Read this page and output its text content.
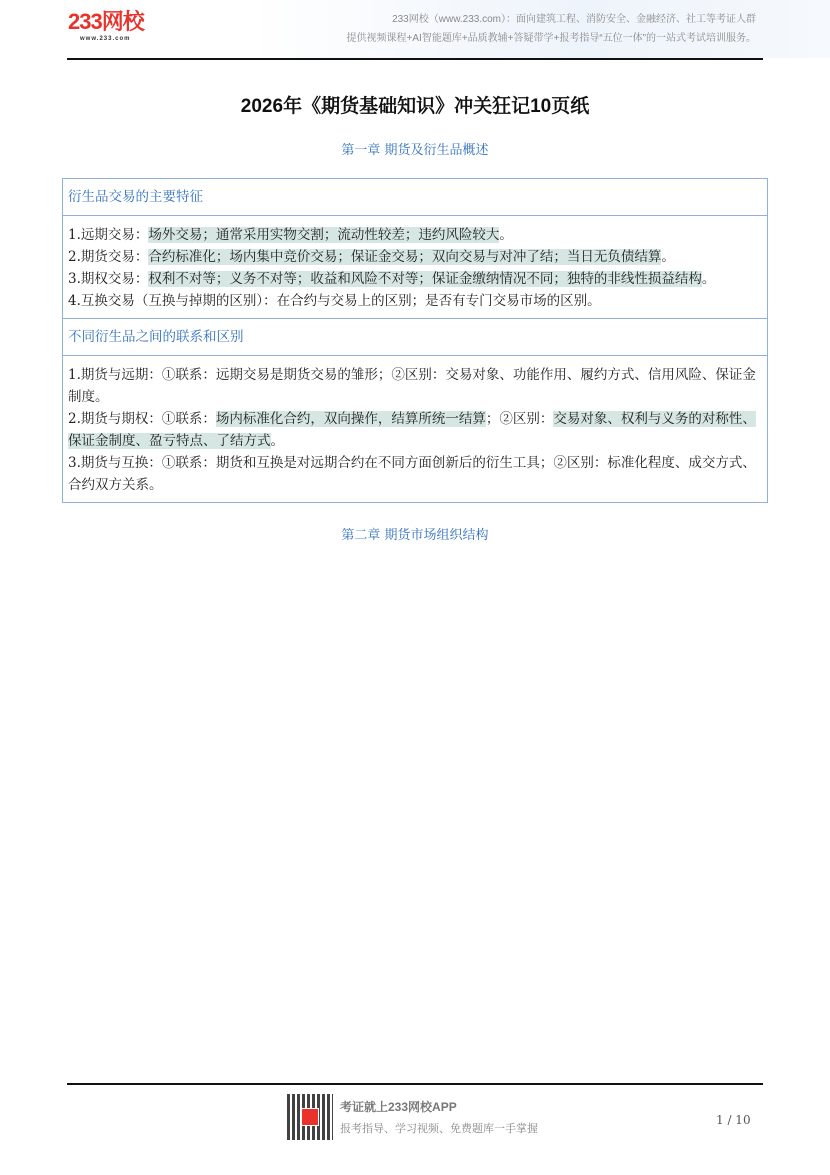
233网校
www.233.com
233网校（www.233.com）：面向建筑工程、消防安全、金融经济、社工等考证人群
提供视频课程+AI智能题库+品质教辅+答疑带学+报考指导“五位一体”的一站式考试培训服务。
2026年《期货基础知识》冲关狂记10页纸
第一章 期货及衍生品概述
衍生品交易的主要特征
1.远期交易：场外交易；通常采用实物交割；流动性较差；违约风险较大。
2.期货交易：合约标准化；场内集中竞价交易；保证金交易；双向交易与对冲了结；当日无负债结算。
3.期权交易：权利不对等；义务不对等；收益和风险不对等；保证金缴纳情况不同；独特的非线性损益结构。
4.互换交易（互换与掉期的区别）：在合约与交易上的区别；是否有专门交易市场的区别。
不同衍生品之间的联系和区别
1.期货与远期：①联系：远期交易是期货交易的雏形；②区别：交易对象、功能作用、履约方式、信用风险、保证金制度。
2.期货与期权：①联系：场内标准化合约，双向操作，结算所统一结算；②区别：交易对象、权利与义务的对称性、保证金制度、盈亏特点、了结方式。
3.期货与互换：①联系：期货和互换是对远期合约在不同方面创新后的衍生工具；②区别：标准化程度、成交方式、合约双方关系。
第二章 期货市场组织结构
考证就上233网校APP
报考指导、学习视频、免费题库一手掌握
1 / 10
